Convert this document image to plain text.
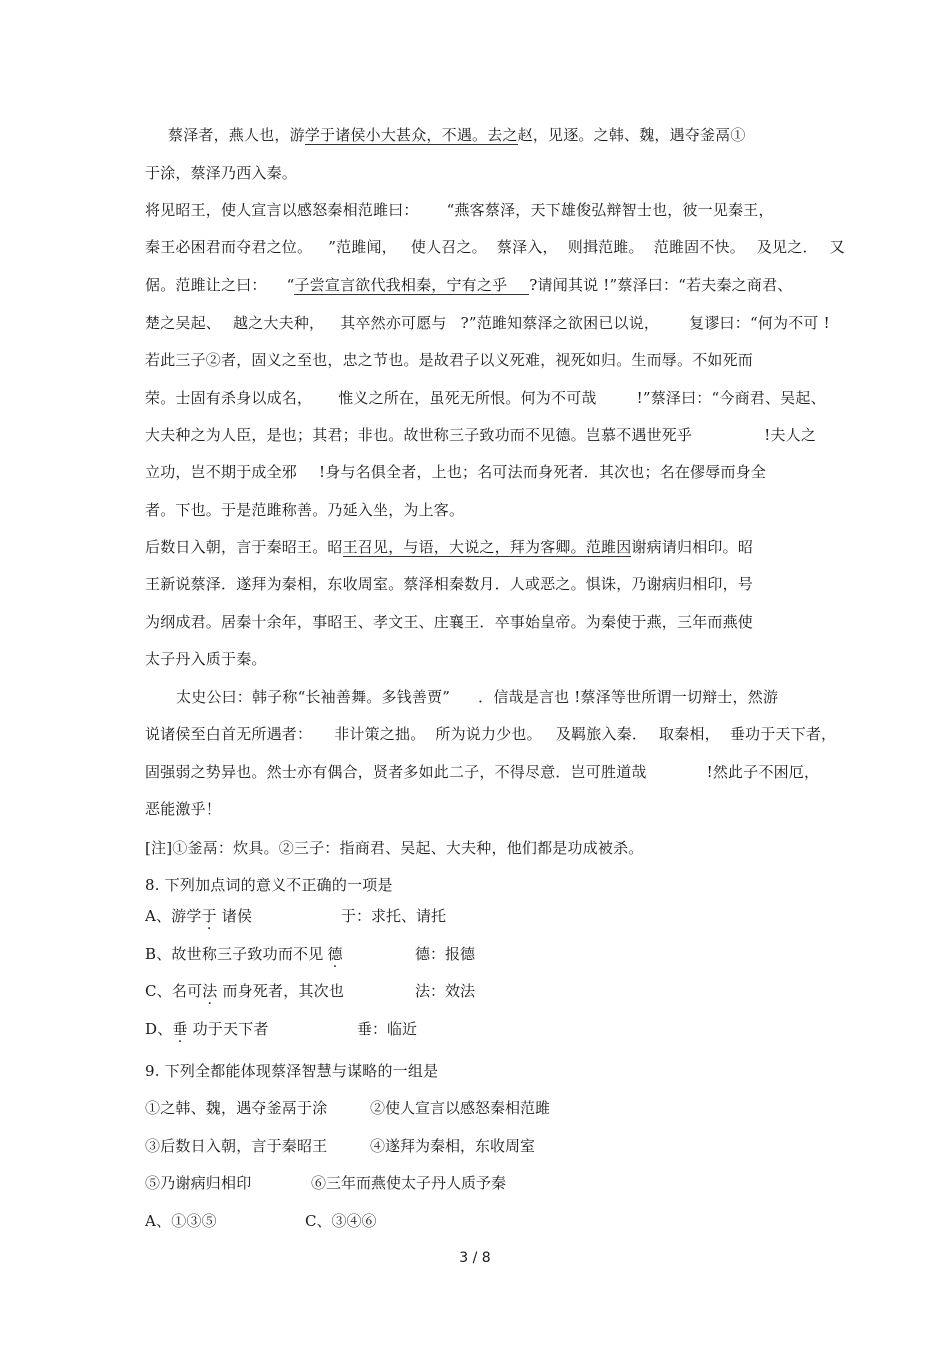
蔡泽者，燕人也，游学于诸侯小大甚众，不遇。去之赵，见逐。之韩、魏，遇夺釜鬲①
于涂，蔡泽乃西入秦。
将见昭王，使人宣言以感怒秦相范雎曰： “燕客蔡泽，天下雄俊弘辩智士也，彼一见秦王，
秦王必困君而夺君之位。 ”范雎闻， 使人召之。 蔡泽入， 则揖范雎。 范雎固不快。 及见之． 又
倨。范雎让之曰： “子尝宣言欲代我相秦，宁有之乎 ?请闻其说 !”蔡泽曰：“若夫秦之商君、
楚之吴起、 越之大夫种， 其卒然亦可愿与 ?”范雎知蔡泽之欲困已以说， 复谬曰：“何为不可 !
若此三子②者，固义之至也，忠之节也。是故君子以义死难，视死如归。生而辱。不如死而
荣。士固有杀身以成名， 惟义之所在，虽死无所恨。何为不可哉	!”蔡泽曰：“今商君、吴起、
大夫种之为人臣，是也；其君；非也。故世称三子致功而不见德。岂慕不遇世死乎	!夫人之
立功，岂不期于成全邪 !身与名俱全者，上也；名可法而身死者．其次也；名在僇辱而身全
者。下也。于是范雎称善。乃延入坐，为上客。
后数日入朝，言于秦昭王。昭王召见，与语，大说之，拜为客卿。范雎因谢病请归相印。昭
王新说蔡泽．遂拜为秦相，东收周室。蔡泽相秦数月．人或恶之。惧诛，乃谢病归相印，号
为纲成君。居秦十余年，事昭王、孝文王、庄襄王．卒事始皇帝。为秦使于燕，三年而燕使
太子丹入质于秦。
太史公曰：韩子称“长袖善舞。多钱善贾” ．信哉是言也 !蔡泽等世所谓一切辩士，然游
说诸侯至白首无所遇者： 非计策之拙。 所为说力少也。 及羁旅入秦． 取秦相， 垂功于天下者，
固强弱之势异也。然士亦有偶合，贤者多如此二子，不得尽意．岂可胜道哉	!然此子不困厄，
恶能激乎！
[注]①釜鬲：炊具。②三子：指商君、吴起、大夫种，他们都是功成被杀。
8. 下列加点词的意义不正确的一项是
A、游学于 诸侯	于：求托、请托
B、故世称三子致功而不见 德	德：报德
C、名可法 而身死者，其次也	法：效法
D、垂 功于天下者	垂：临近
9. 下列全都能体现蔡泽智慧与谋略的一组是
①之韩、魏，遇夺釜鬲于涂	②使人宣言以感怒秦相范雎
③后数日入朝，言于秦昭王	④遂拜为秦相，东收周室
⑤乃谢病归相印	⑥三年而燕使太子丹人质予秦
A、①③⑤	C、③④⑥
3 / 8
